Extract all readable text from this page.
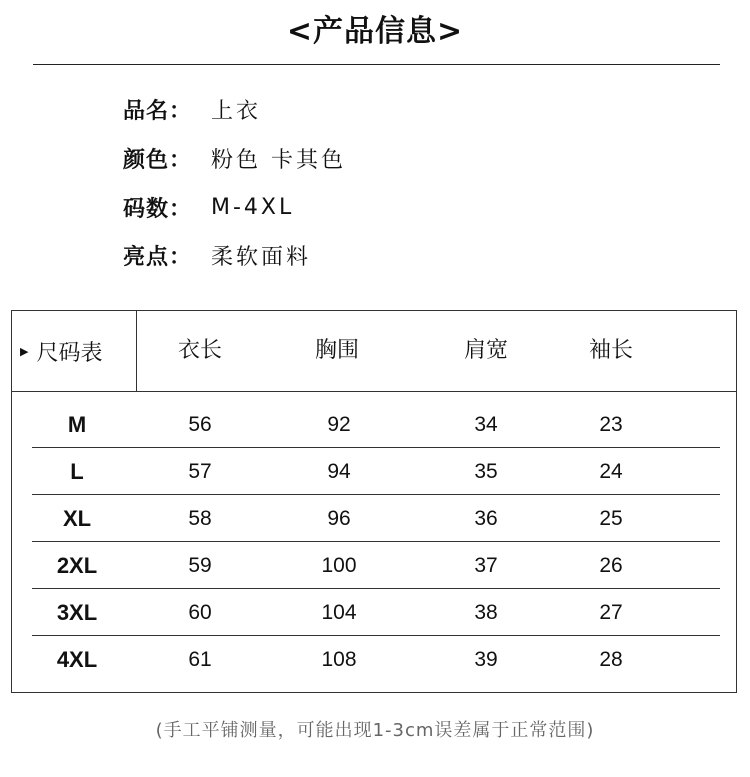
<产品信息>
品名： 上衣
颜色： 粉色 卡其色
码数： M-4XL
亮点： 柔软面料
▶ 尺码表	衣长	胸围	肩宽	袖长
M	56	92	34	23
L	57	94	35	24
XL	58	96	36	25
2XL	59	100	37	26
3XL	60	104	38	27
4XL	61	108	39	28
(手工平铺测量，可能出现1-3cm误差属于正常范围)
